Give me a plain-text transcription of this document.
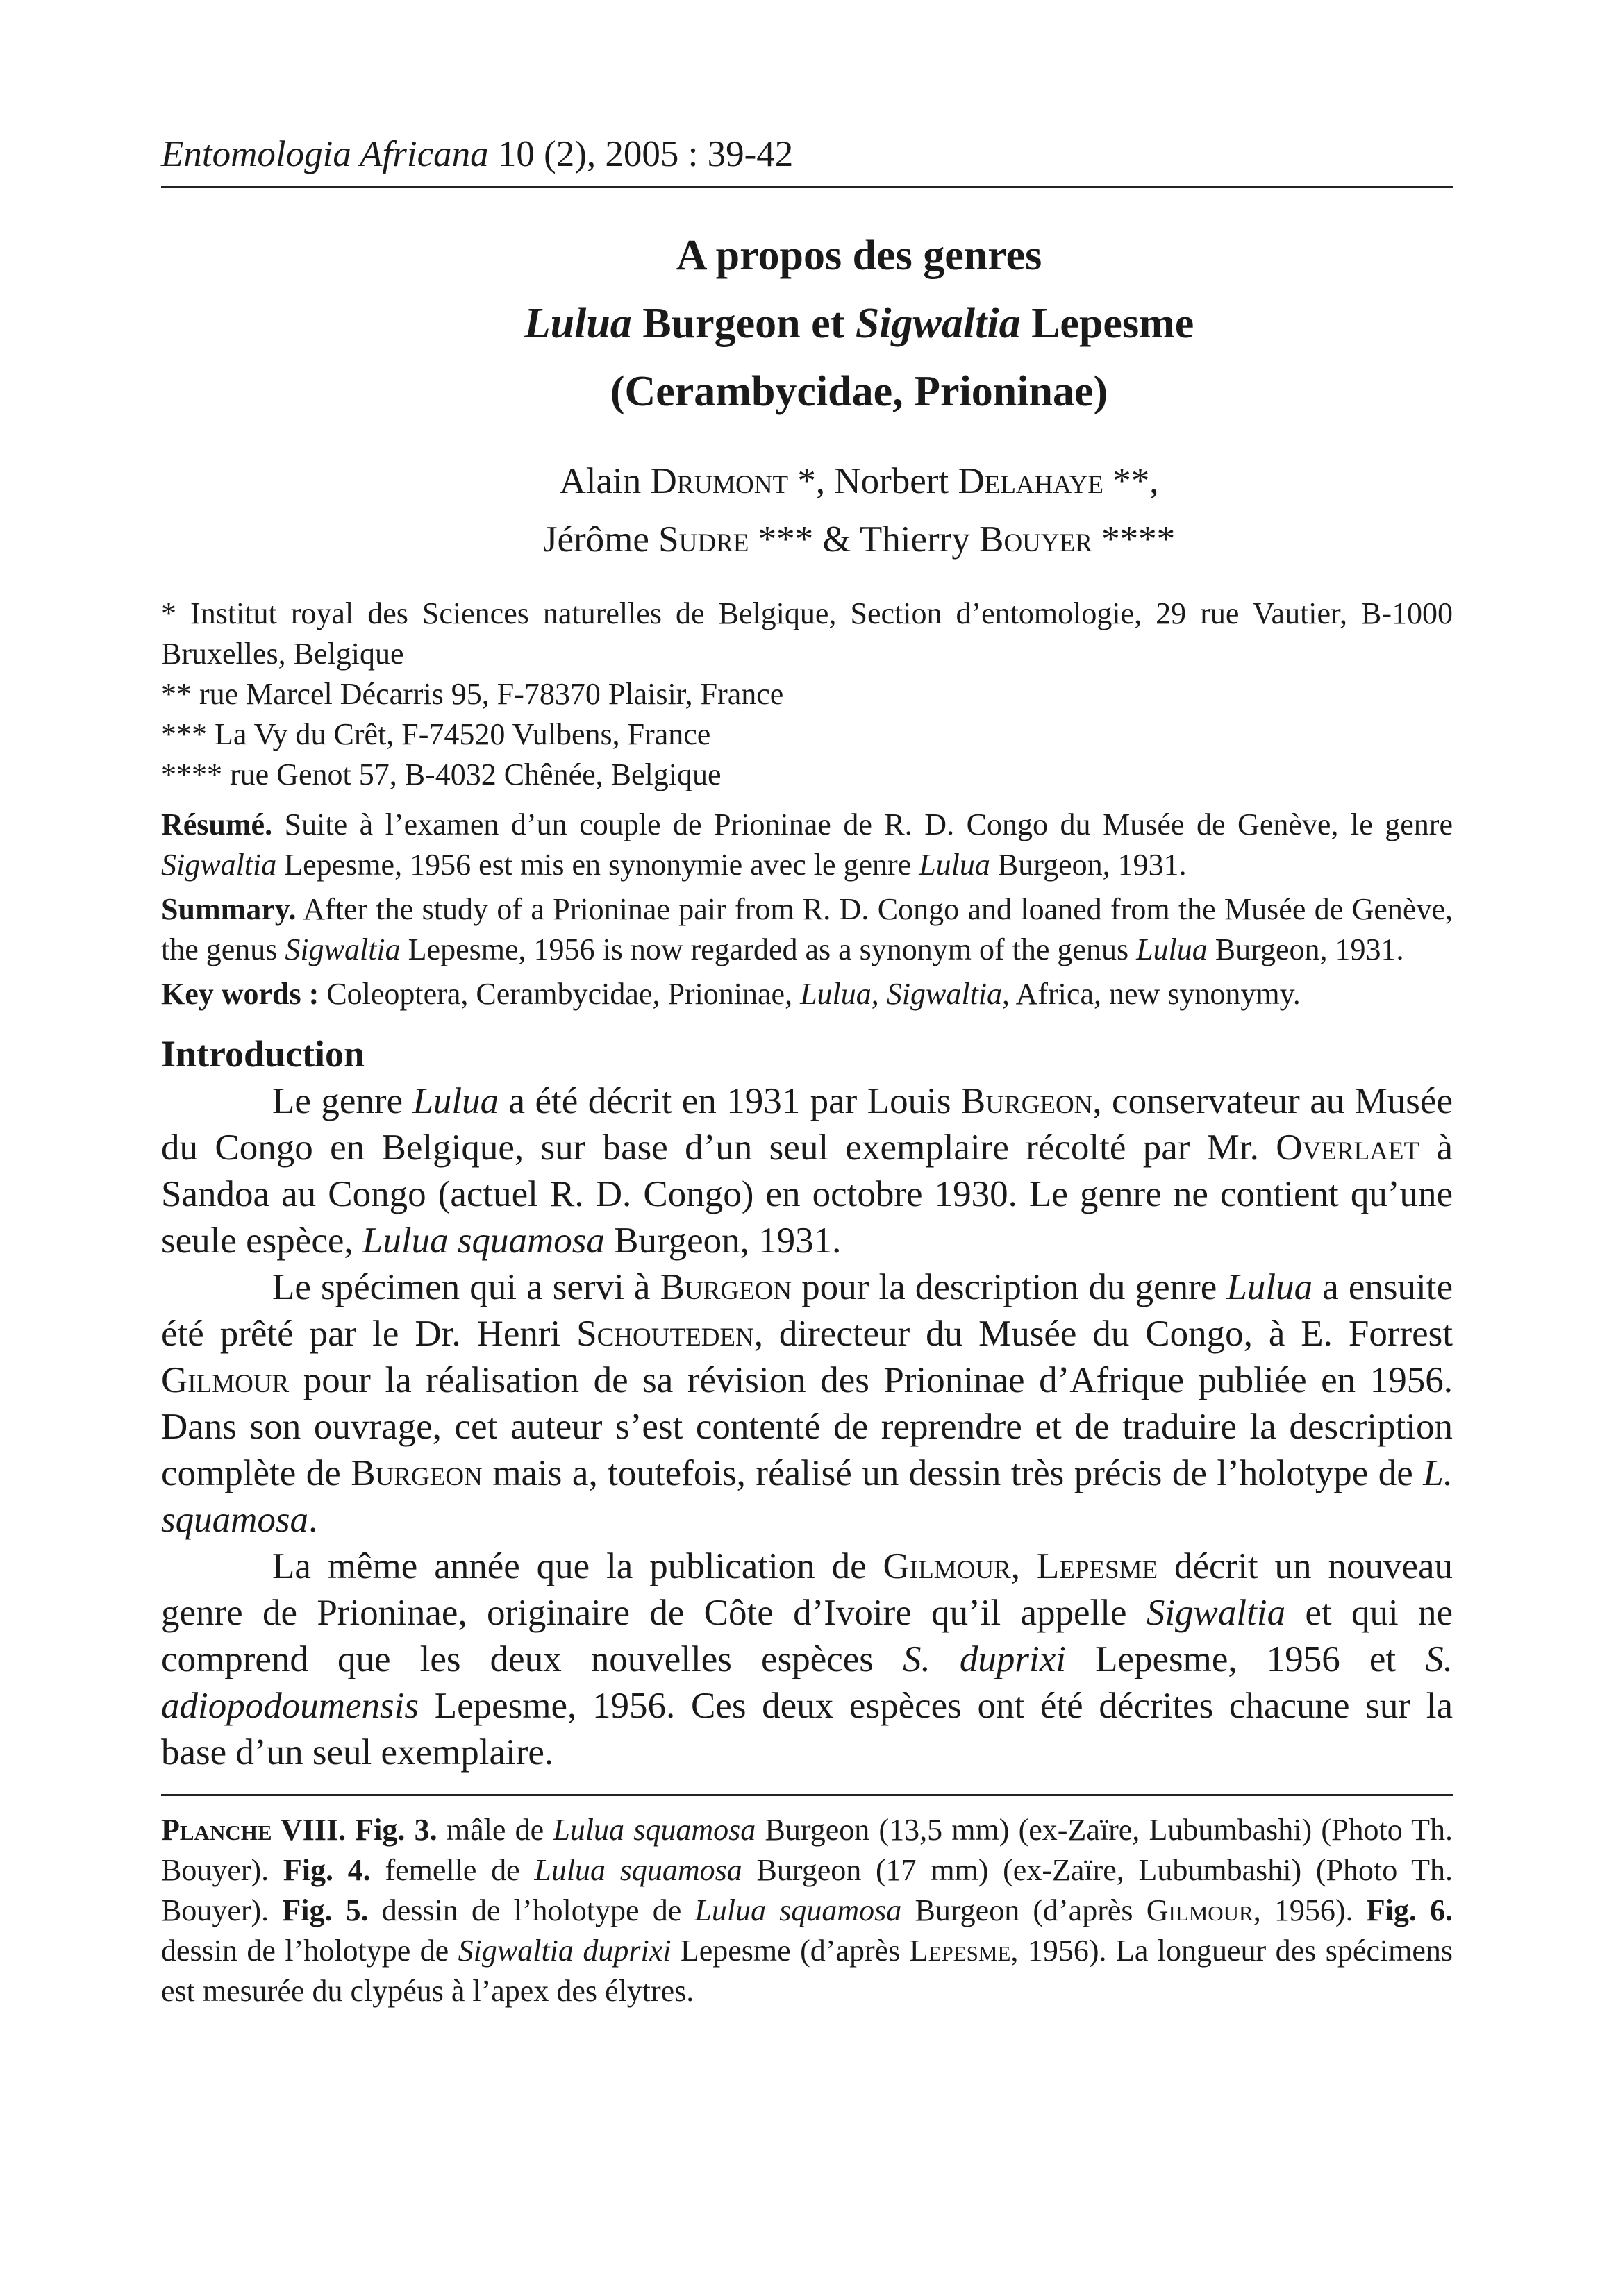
Entomologia Africana 10 (2), 2005 : 39-42
A propos des genres
Lulua Burgeon et Sigwaltia Lepesme
(Cerambycidae, Prioninae)
Alain Drumont *, Norbert Delahaye **,
Jérôme Sudre *** & Thierry Bouyer ****

* Institut royal des Sciences naturelles de Belgique, Section d’entomologie, 29 rue Vautier, B-1000 Bruxelles, Belgique

** rue Marcel Décarris 95, F-78370 Plaisir, France

*** La Vy du Crêt, F-74520 Vulbens, France

**** rue Genot 57, B-4032 Chênée, Belgique

Résumé. Suite à l’examen d’un couple de Prioninae de R. D. Congo du Musée de Genève, le genre Sigwaltia Lepesme, 1956 est mis en synonymie avec le genre Lulua Burgeon, 1931.

Summary. After the study of a Prioninae pair from R. D. Congo and loaned from the Musée de Genève, the genus Sigwaltia Lepesme, 1956 is now regarded as a synonym of the genus Lulua Burgeon, 1931.

Key words : Coleoptera, Cerambycidae, Prioninae, Lulua, Sigwaltia, Africa, new synonymy.

Introduction

Le genre Lulua a été décrit en 1931 par Louis Burgeon, conservateur au Musée du Congo en Belgique, sur base d’un seul exemplaire récolté par Mr. Overlaet à Sandoa au Congo (actuel R. D. Congo) en octobre 1930. Le genre ne contient qu’une seule espèce, Lulua squamosa Burgeon, 1931.

Le spécimen qui a servi à Burgeon pour la description du genre Lulua a ensuite été prêté par le Dr. Henri Schouteden, directeur du Musée du Congo, à E. Forrest Gilmour pour la réalisation de sa révision des Prioninae d’Afrique publiée en 1956. Dans son ouvrage, cet auteur s’est contenté de reprendre et de traduire la description complète de Burgeon mais a, toutefois, réalisé un dessin très précis de l’holotype de L. squamosa.

La même année que la publication de Gilmour, Lepesme décrit un nouveau genre de Prioninae, originaire de Côte d’Ivoire qu’il appelle Sigwaltia et qui ne comprend que les deux nouvelles espèces S. duprixi Lepesme, 1956 et S. adiopodoumensis Lepesme, 1956. Ces deux espèces ont été décrites chacune sur la base d’un seul exemplaire.

Planche VIII. Fig. 3. mâle de Lulua squamosa Burgeon (13,5 mm) (ex-Zaïre, Lubumbashi) (Photo Th. Bouyer). Fig. 4. femelle de Lulua squamosa Burgeon (17 mm) (ex-Zaïre, Lubumbashi) (Photo Th. Bouyer). Fig. 5. dessin de l’holotype de Lulua squamosa Burgeon (d’après Gilmour, 1956). Fig. 6. dessin de l’holotype de Sigwaltia duprixi Lepesme (d’après Lepesme, 1956). La longueur des spécimens est mesurée du clypéus à l’apex des élytres.
